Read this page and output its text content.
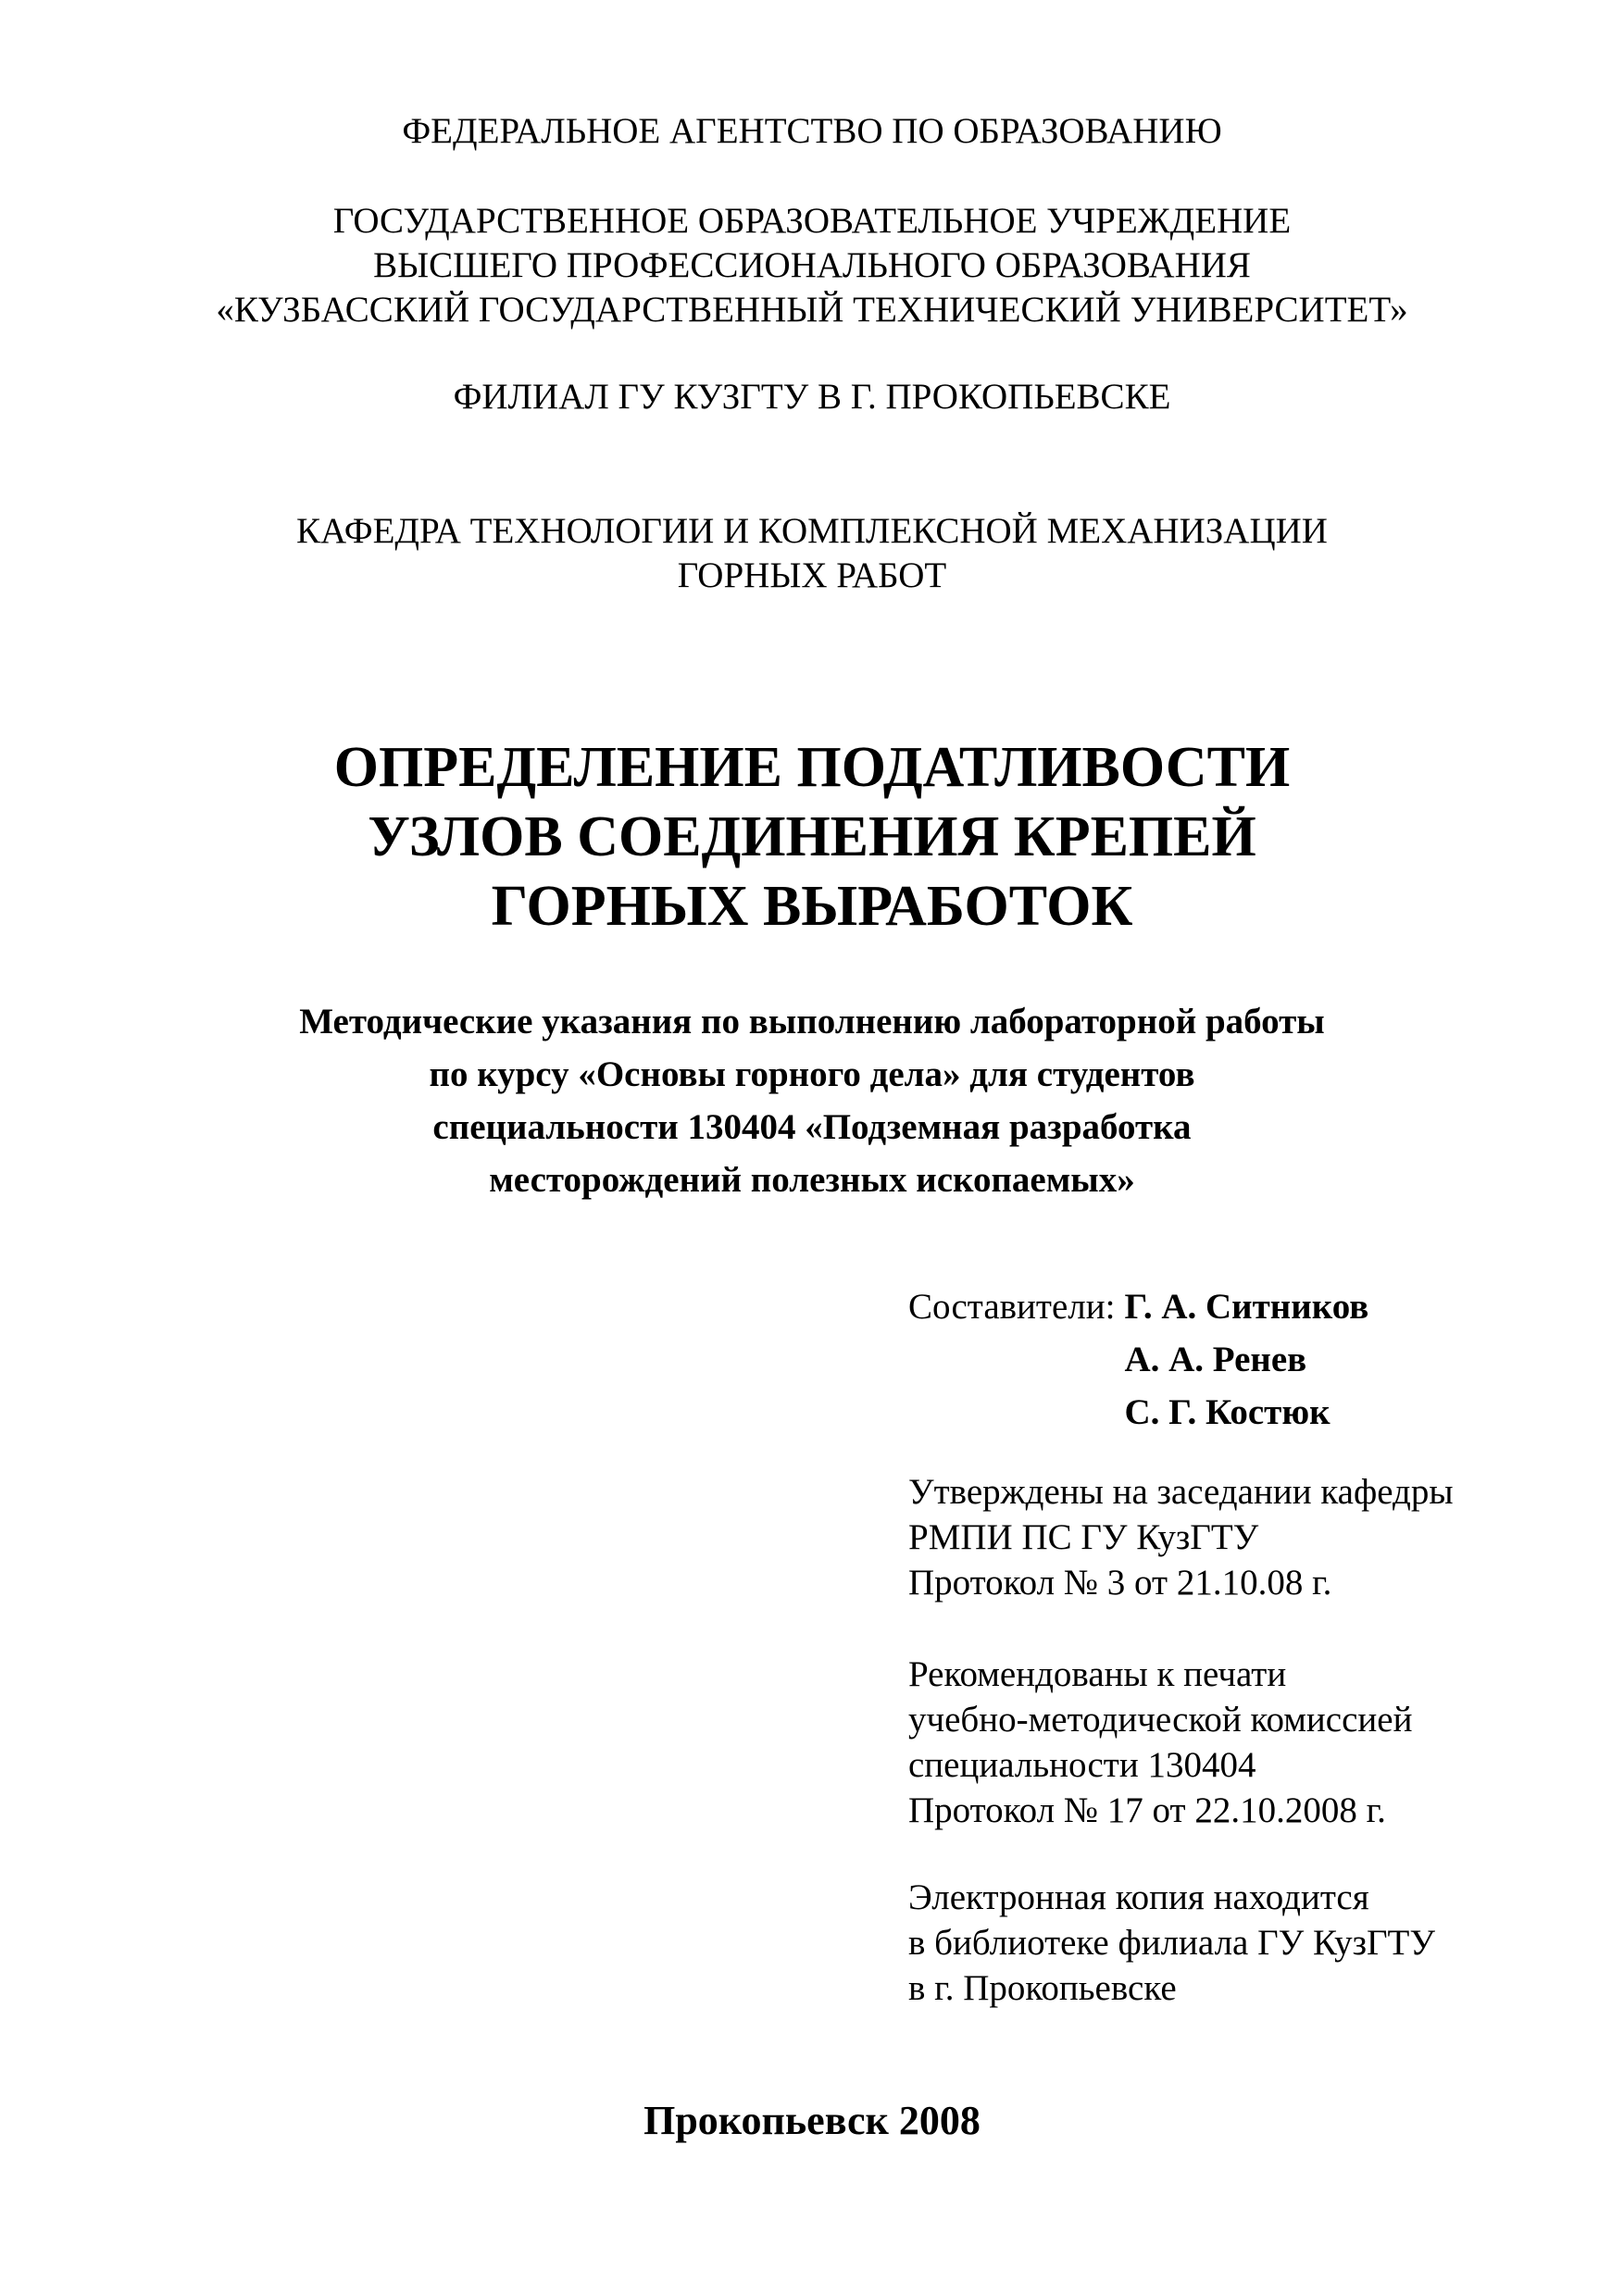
ФЕДЕРАЛЬНОЕ АГЕНТСТВО ПО ОБРАЗОВАНИЮ
ГОСУДАРСТВЕННОЕ ОБРАЗОВАТЕЛЬНОЕ УЧРЕЖДЕНИЕ
ВЫСШЕГО ПРОФЕССИОНАЛЬНОГО ОБРАЗОВАНИЯ
«КУЗБАССКИЙ ГОСУДАРСТВЕННЫЙ ТЕХНИЧЕСКИЙ УНИВЕРСИТЕТ»
ФИЛИАЛ ГУ КУЗГТУ В Г. ПРОКОПЬЕВСКЕ
КАФЕДРА ТЕХНОЛОГИИ И КОМПЛЕКСНОЙ МЕХАНИЗАЦИИ
ГОРНЫХ РАБОТ
ОПРЕДЕЛЕНИЕ ПОДАТЛИВОСТИ
УЗЛОВ СОЕДИНЕНИЯ КРЕПЕЙ
ГОРНЫХ ВЫРАБОТОК
Методические указания по выполнению лабораторной работы
по курсу «Основы горного дела» для студентов
специальности 130404 «Подземная разработка
месторождений полезных ископаемых»
Составители: Г. А. Ситников
А. А. Ренев
С. Г. Костюк
Утверждены на заседании кафедры
РМПИ ПС ГУ КузГТУ
Протокол № 3 от 21.10.08 г.
Рекомендованы к печати
учебно-методической комиссией
специальности 130404
Протокол № 17 от 22.10.2008 г.
Электронная копия находится
в библиотеке филиала ГУ КузГТУ
в г. Прокопьевске
Прокопьевск 2008
